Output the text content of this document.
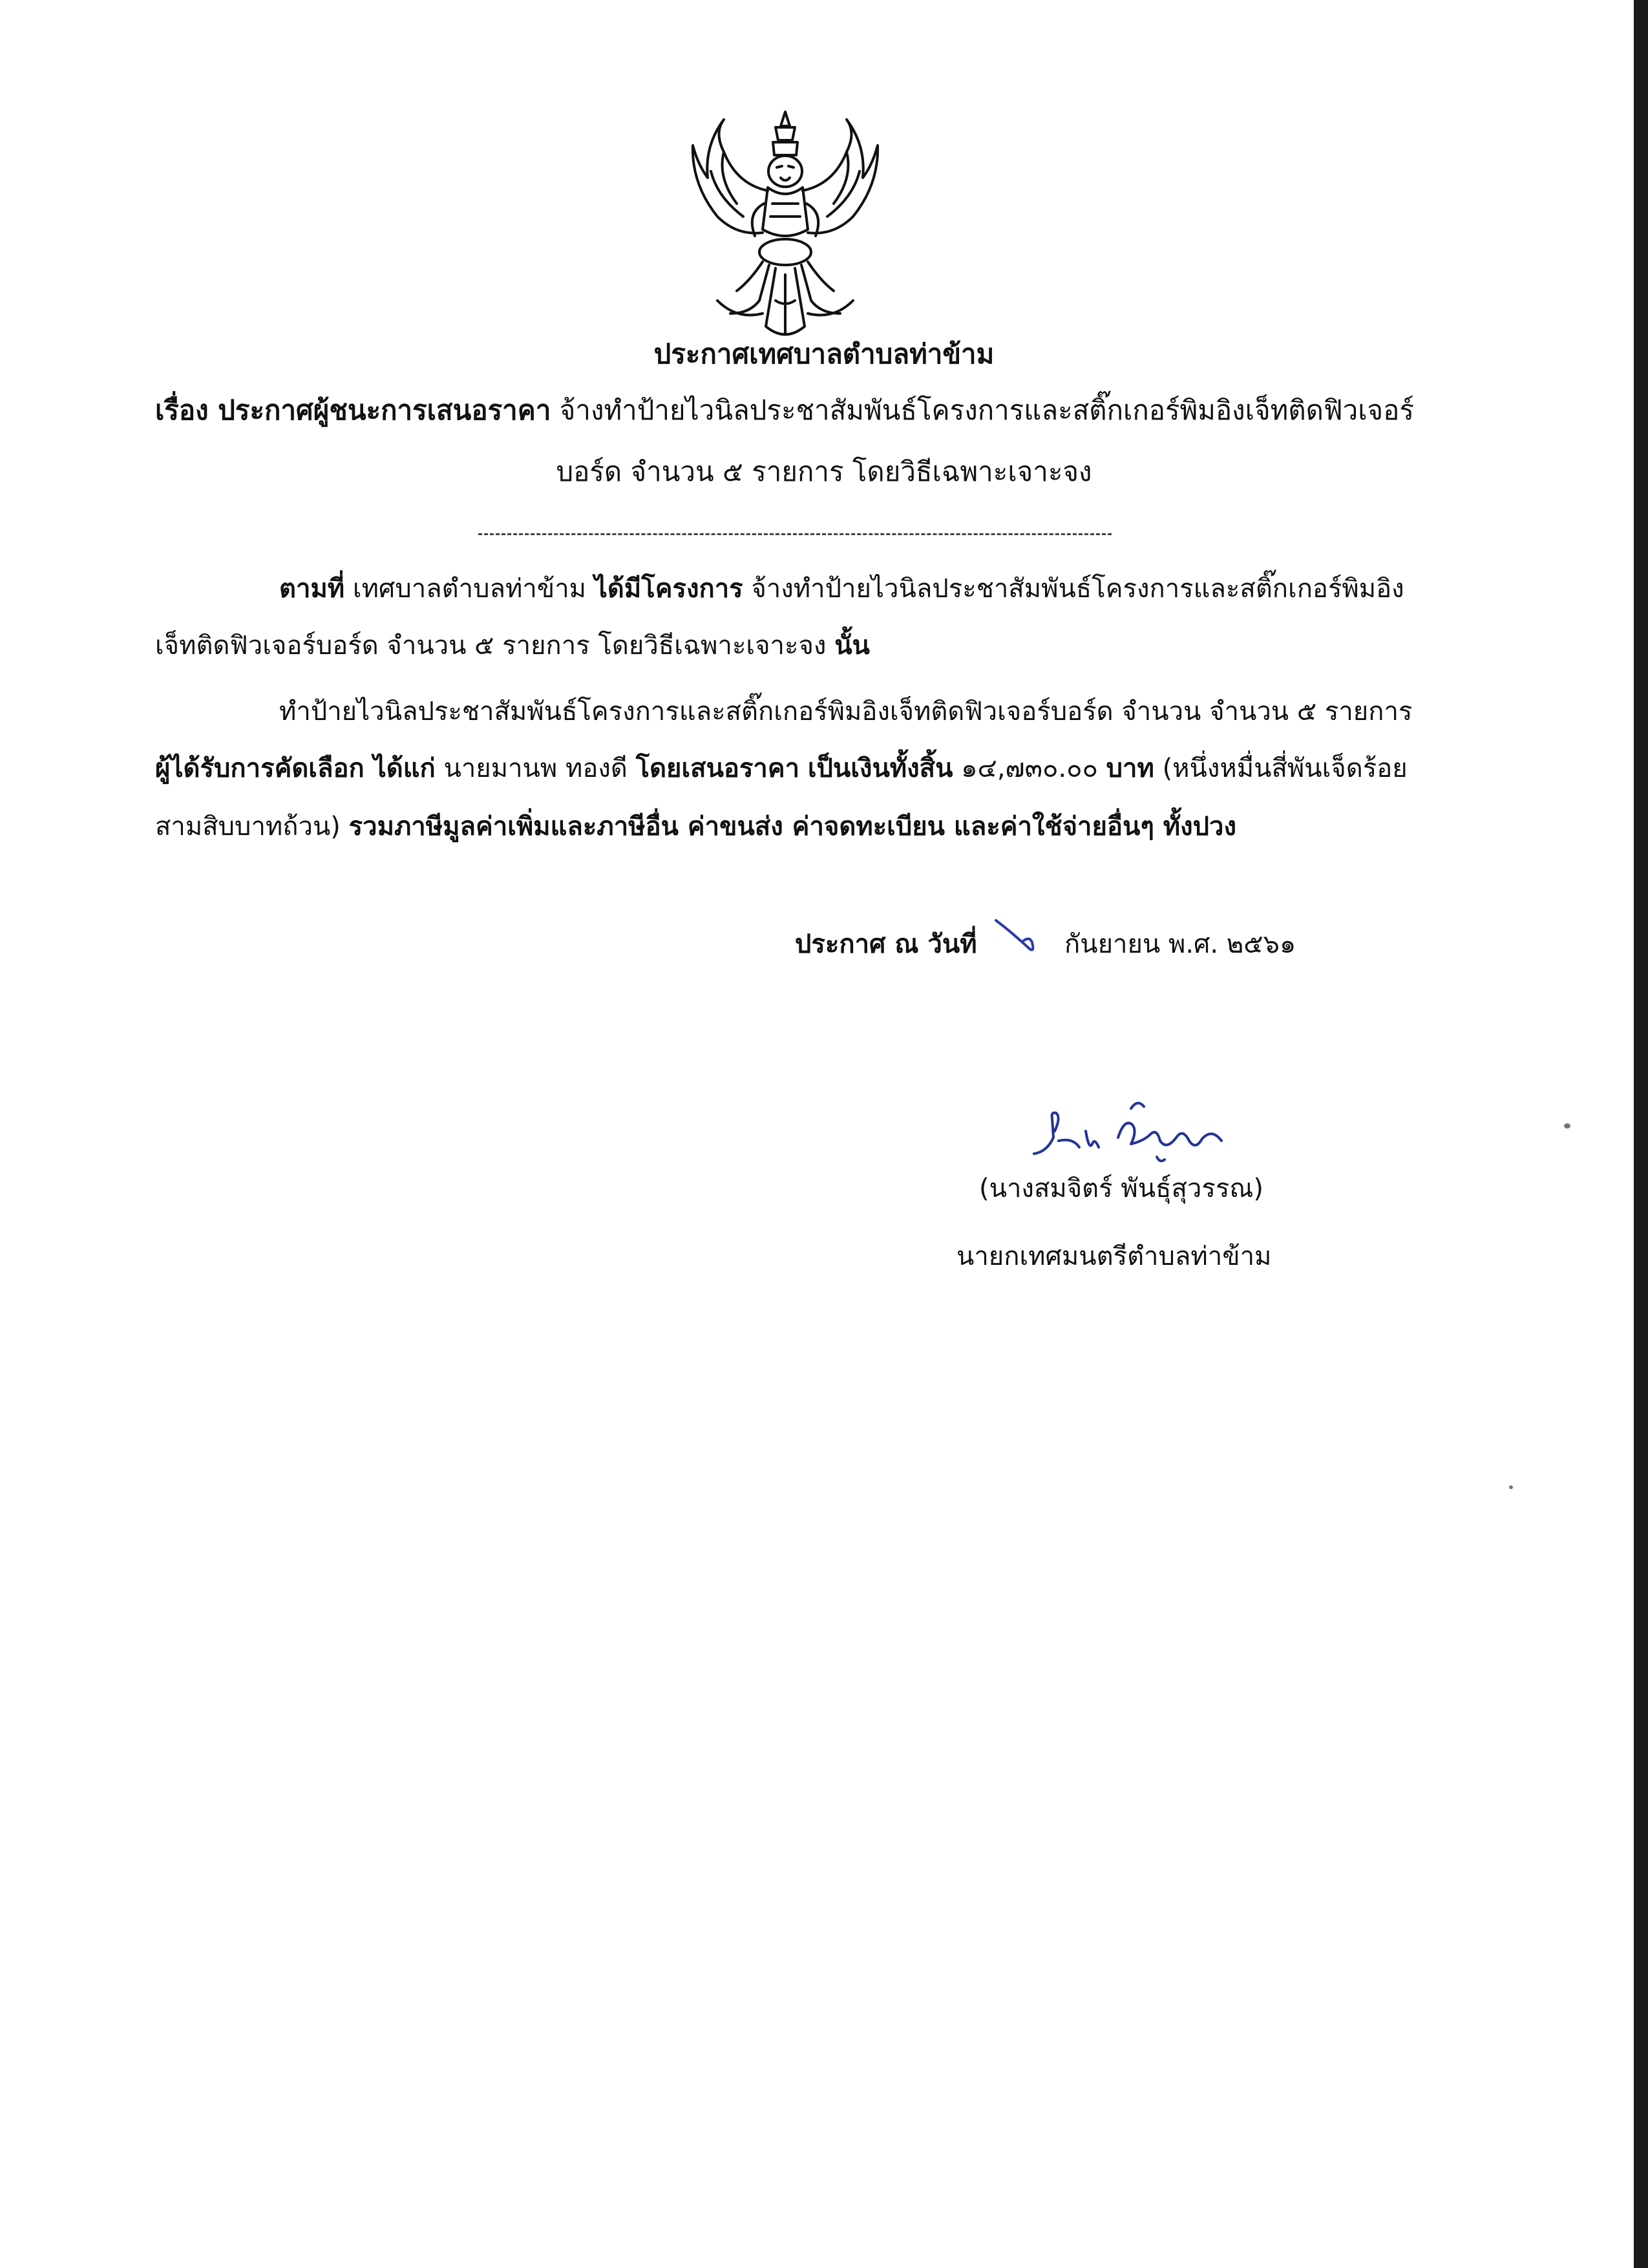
ประกาศเทศบาลตำบลท่าข้าม
เรื่อง ประกาศผู้ชนะการเสนอราคา จ้างทำป้ายไวนิลประชาสัมพันธ์โครงการและสติ๊กเกอร์พิมอิงเจ็ทติดฟิวเจอร์
บอร์ด จำนวน ๕ รายการ โดยวิธีเฉพาะเจาะจง
ตามที่ เทศบาลตำบลท่าข้าม ได้มีโครงการ จ้างทำป้ายไวนิลประชาสัมพันธ์โครงการและสติ๊กเกอร์พิมอิง
เจ็ทติดฟิวเจอร์บอร์ด จำนวน ๕ รายการ โดยวิธีเฉพาะเจาะจง นั้น
ทำป้ายไวนิลประชาสัมพันธ์โครงการและสติ๊กเกอร์พิมอิงเจ็ทติดฟิวเจอร์บอร์ด จำนวน จำนวน ๕ รายการ
ผู้ได้รับการคัดเลือก ได้แก่ นายมานพ ทองดี โดยเสนอราคา เป็นเงินทั้งสิ้น ๑๔,๗๓๐.๐๐ บาท (หนึ่งหมื่นสี่พันเจ็ดร้อย
สามสิบบาทถ้วน) รวมภาษีมูลค่าเพิ่มและภาษีอื่น ค่าขนส่ง ค่าจดทะเบียน และค่าใช้จ่ายอื่นๆ ทั้งปวง
ประกาศ ณ วันที่	กันยายน พ.ศ. ๒๕๖๑
(นางสมจิตร์ พันธุ์สุวรรณ)
นายกเทศมนตรีตำบลท่าข้าม
